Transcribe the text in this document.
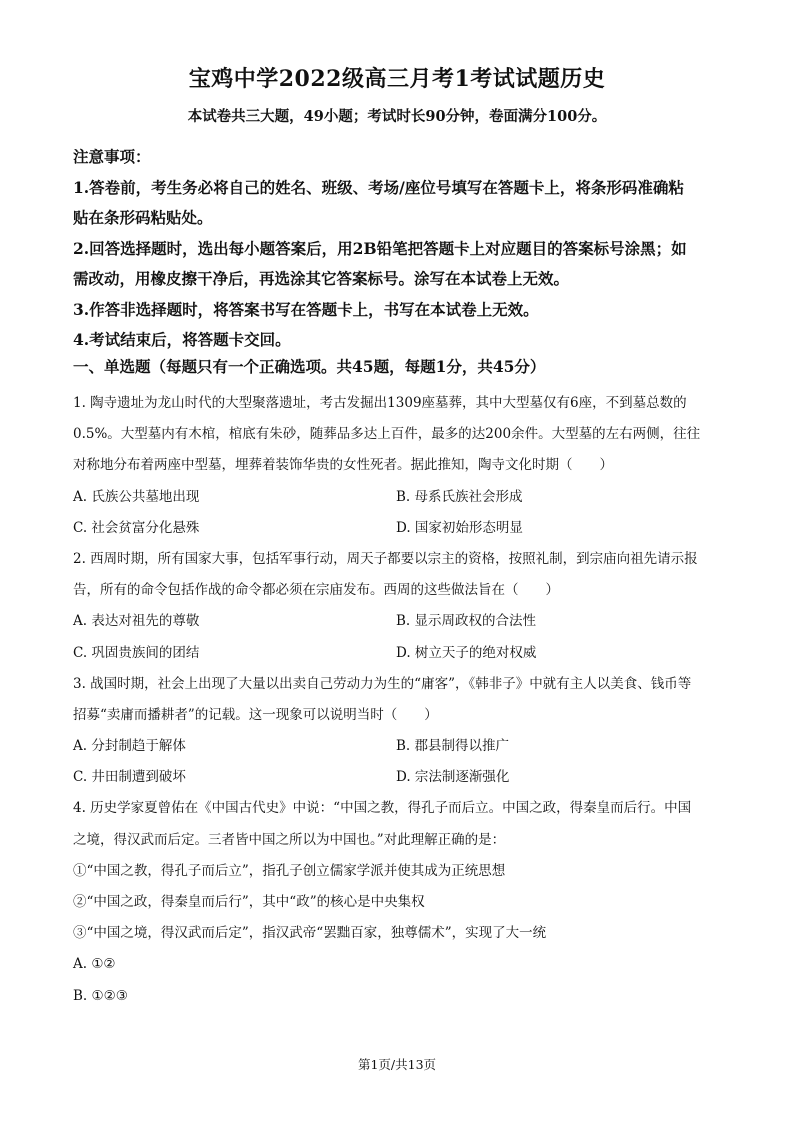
宝鸡中学2022级高三月考1考试试题历史
本试卷共三大题，49小题；考试时长90分钟，卷面满分100分。
注意事项：
1.答卷前，考生务必将自己的姓名、班级、考场/座位号填写在答题卡上，将条形码准确粘
贴在条形码粘贴处。
2.回答选择题时，选出每小题答案后，用2B铅笔把答题卡上对应题目的答案标号涂黑；如
需改动，用橡皮擦干净后，再选涂其它答案标号。涂写在本试卷上无效。
3.作答非选择题时，将答案书写在答题卡上，书写在本试卷上无效。
4.考试结束后，将答题卡交回。
一、单选题（每题只有一个正确选项。共45题，每题1分，共45分）
1. 陶寺遗址为龙山时代的大型聚落遗址，考古发掘出1309座墓葬，其中大型墓仅有6座，不到墓总数的
0.5%。大型墓内有木棺，棺底有朱砂，随葬品多达上百件，最多的达200余件。大型墓的左右两侧，往往
对称地分布着两座中型墓，埋葬着装饰华贵的女性死者。据此推知，陶寺文化时期（　　）
A. 氏族公共墓地出现	B. 母系氏族社会形成
C. 社会贫富分化悬殊	D. 国家初始形态明显
2. 西周时期，所有国家大事，包括军事行动，周天子都要以宗主的资格，按照礼制，到宗庙向祖先请示报
告，所有的命令包括作战的命令都必须在宗庙发布。西周的这些做法旨在（　　）
A. 表达对祖先的尊敬	B. 显示周政权的合法性
C. 巩固贵族间的团结	D. 树立天子的绝对权威
3. 战国时期，社会上出现了大量以出卖自己劳动力为生的“庸客”，《韩非子》中就有主人以美食、钱币等
招募“卖庸而播耕者”的记载。这一现象可以说明当时（　　）
A. 分封制趋于解体	B. 郡县制得以推广
C. 井田制遭到破坏	D. 宗法制逐渐强化
4. 历史学家夏曾佑在《中国古代史》中说：“中国之教，得孔子而后立。中国之政，得秦皇而后行。中国
之境，得汉武而后定。三者皆中国之所以为中国也。”对此理解正确的是：
①“中国之教，得孔子而后立”，指孔子创立儒家学派并使其成为正统思想
②“中国之政，得秦皇而后行”，其中“政”的核心是中央集权
③“中国之境，得汉武而后定”，指汉武帝“罢黜百家，独尊儒术”，实现了大一统
A. ①②
B. ①②③
第1页/共13页
